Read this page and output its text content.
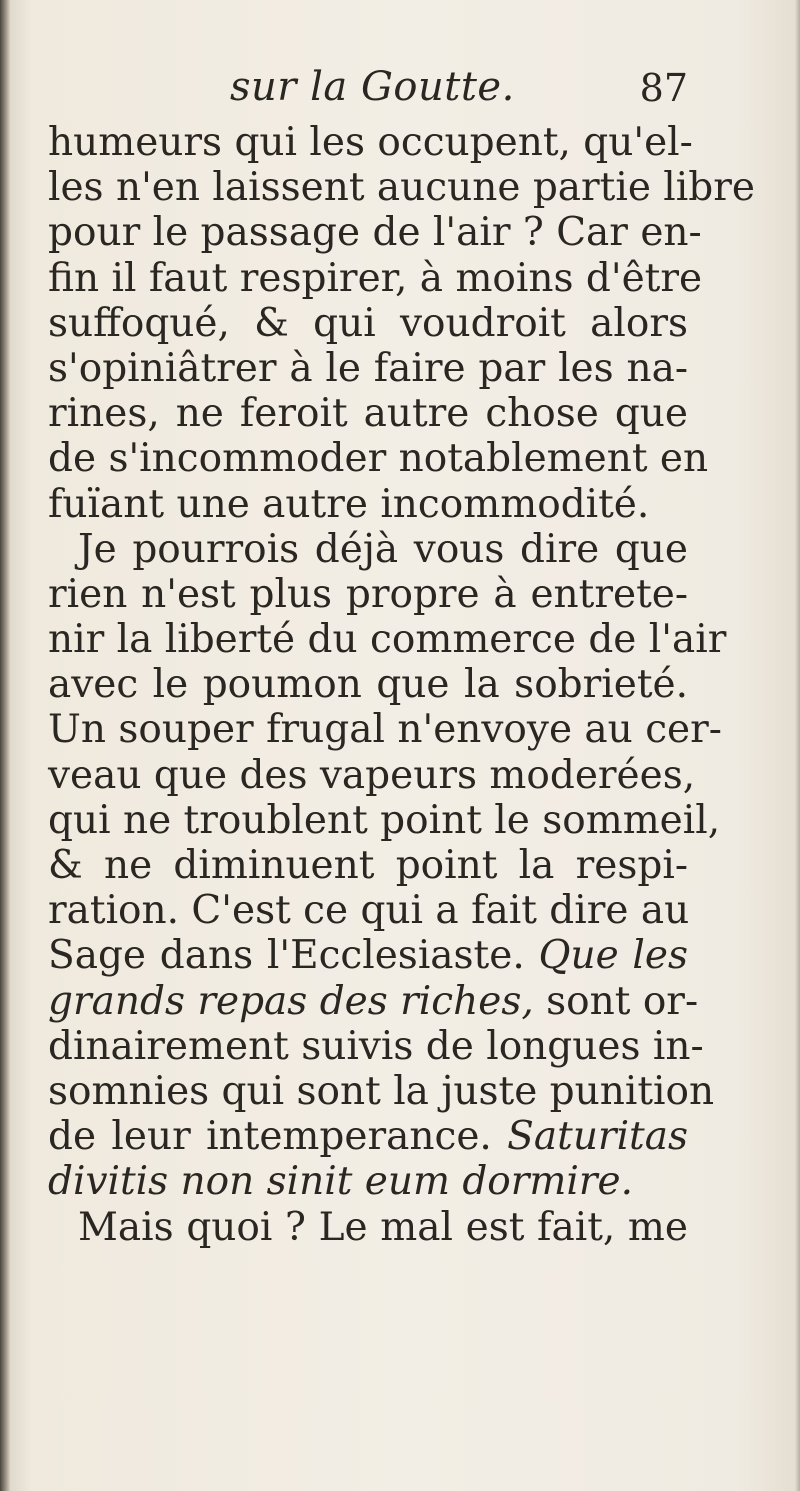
sur la Goutte.	87
humeurs qui les occupent, qu'el-
les n'en laissent aucune partie libre
pour le passage de l'air ? Car en-
fin il faut respirer, à moins d'être
suffoqué, & qui voudroit alors
s'opiniâtrer à le faire par les na-
rines, ne feroit autre chose que
de s'incommoder notablement en
fuïant une autre incommodité.
Je pourrois déjà vous dire que
rien n'est plus propre à entrete-
nir la liberté du commerce de l'air
avec le poumon que la sobrieté.
Un souper frugal n'envoye au cer-
veau que des vapeurs moderées,
qui ne troublent point le sommeil,
& ne diminuent point la respi-
ration. C'est ce qui a fait dire au
Sage dans l'Ecclesiaste. Que les
grands repas des riches, sont or-
dinairement suivis de longues in-
somnies qui sont la juste punition
de leur intemperance. Saturitas
divitis non sinit eum dormire.
Mais quoi ? Le mal est fait, me
